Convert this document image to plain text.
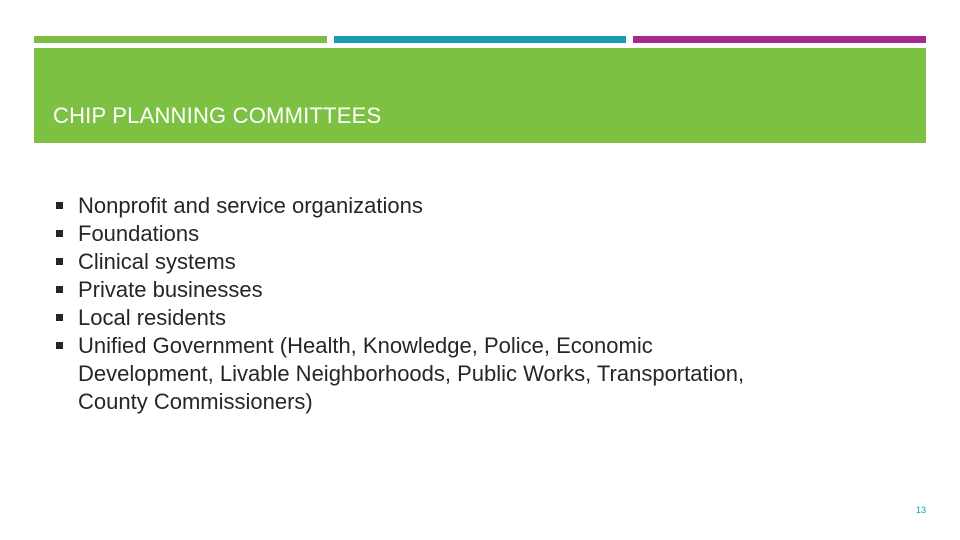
CHIP PLANNING COMMITTEES
Nonprofit and service organizations
Foundations
Clinical systems
Private businesses
Local residents
Unified Government (Health, Knowledge, Police, Economic Development, Livable Neighborhoods, Public Works, Transportation, County Commissioners)
13
